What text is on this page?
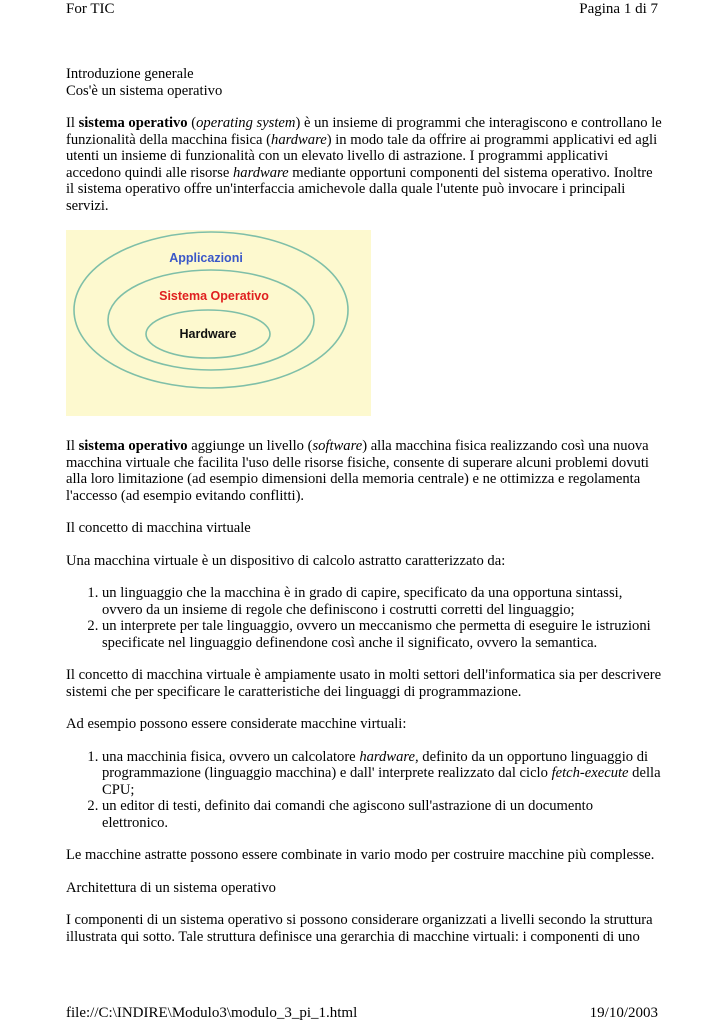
For TIC	Pagina 1 di 7

Introduzione generale

Cos'è un sistema operativo

Il sistema operativo (operating system) è un insieme di programmi che interagiscono e controllano le funzionalità della macchina fisica (hardware) in modo tale da offrire ai programmi applicativi ed agli utenti un insieme di funzionalità con un elevato livello di astrazione. I programmi applicativi accedono quindi alle risorse hardware mediante opportuni componenti del sistema operativo. Inoltre il sistema operativo offre un'interfaccia amichevole dalla quale l'utente può invocare i principali servizi.

Applicazioni
Sistema Operativo
Hardware

Il sistema operativo aggiunge un livello (software) alla macchina fisica realizzando così una nuova macchina virtuale che facilita l'uso delle risorse fisiche, consente di superare alcuni problemi dovuti alla loro limitazione (ad esempio dimensioni della memoria centrale) e ne ottimizza e regolamenta l'accesso (ad esempio evitando conflitti).

Il concetto di macchina virtuale

Una macchina virtuale è un dispositivo di calcolo astratto caratterizzato da:

1. un linguaggio che la macchina è in grado di capire, specificato da una opportuna sintassi, ovvero da un insieme di regole che definiscono i costrutti corretti del linguaggio;
2. un interprete per tale linguaggio, ovvero un meccanismo che permetta di eseguire le istruzioni specificate nel linguaggio definendone così anche il significato, ovvero la semantica.

Il concetto di macchina virtuale è ampiamente usato in molti settori dell'informatica sia per descrivere sistemi che per specificare le caratteristiche dei linguaggi di programmazione.

Ad esempio possono essere considerate macchine virtuali:

1. una macchinia fisica, ovvero un calcolatore hardware, definito da un opportuno linguaggio di programmazione (linguaggio macchina) e dall' interprete realizzato dal ciclo fetch-execute della CPU;
2. un editor di testi, definito dai comandi che agiscono sull'astrazione di un documento elettronico.

Le macchine astratte possono essere combinate in vario modo per costruire macchine più complesse.

Architettura di un sistema operativo

I componenti di un sistema operativo si possono considerare organizzati a livelli secondo la struttura illustrata qui sotto. Tale struttura definisce una gerarchia di macchine virtuali: i componenti di uno

file://C:\INDIRE\Modulo3\modulo_3_pi_1.html	19/10/2003
